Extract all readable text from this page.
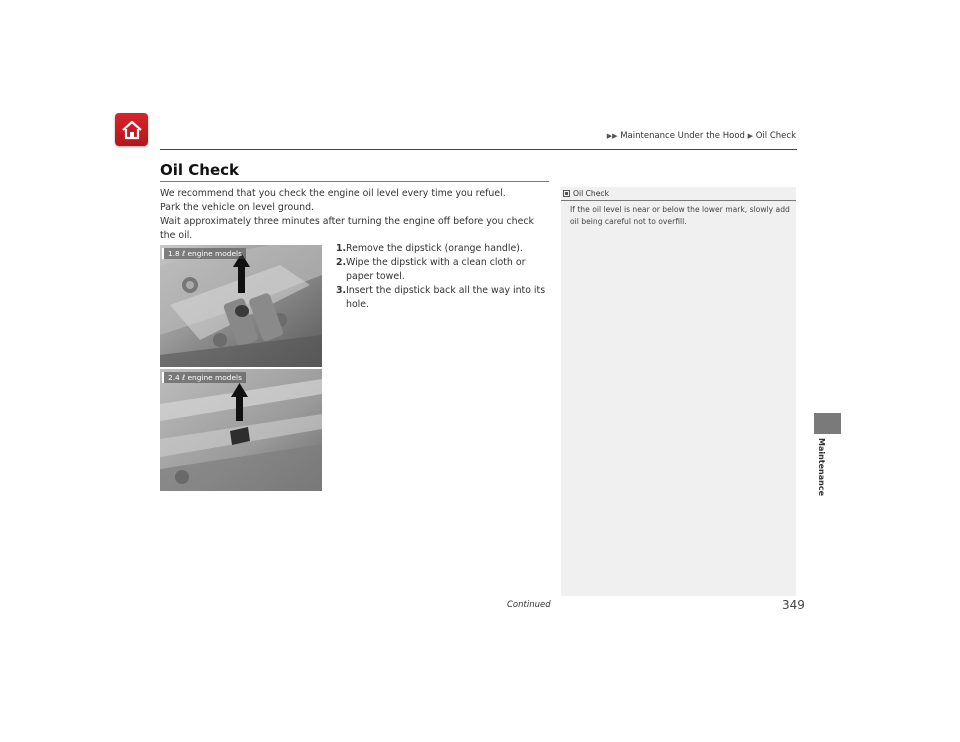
▶▶ Maintenance Under the Hood ▶ Oil Check
Oil Check

We recommend that you check the engine oil level every time you refuel.

Park the vehicle on level ground.

Wait approximately three minutes after turning the engine off before you check the oil.

1. Remove the dipstick (orange handle).
2. Wipe the dipstick with a clean cloth or paper towel.
3. Insert the dipstick back all the way into its hole.
1.8 ℓ engine models
2.4 ℓ engine models
Oil Check
If the oil level is near or below the lower mark, slowly add oil being careful not to overfill.
Continued	349
Maintenance
